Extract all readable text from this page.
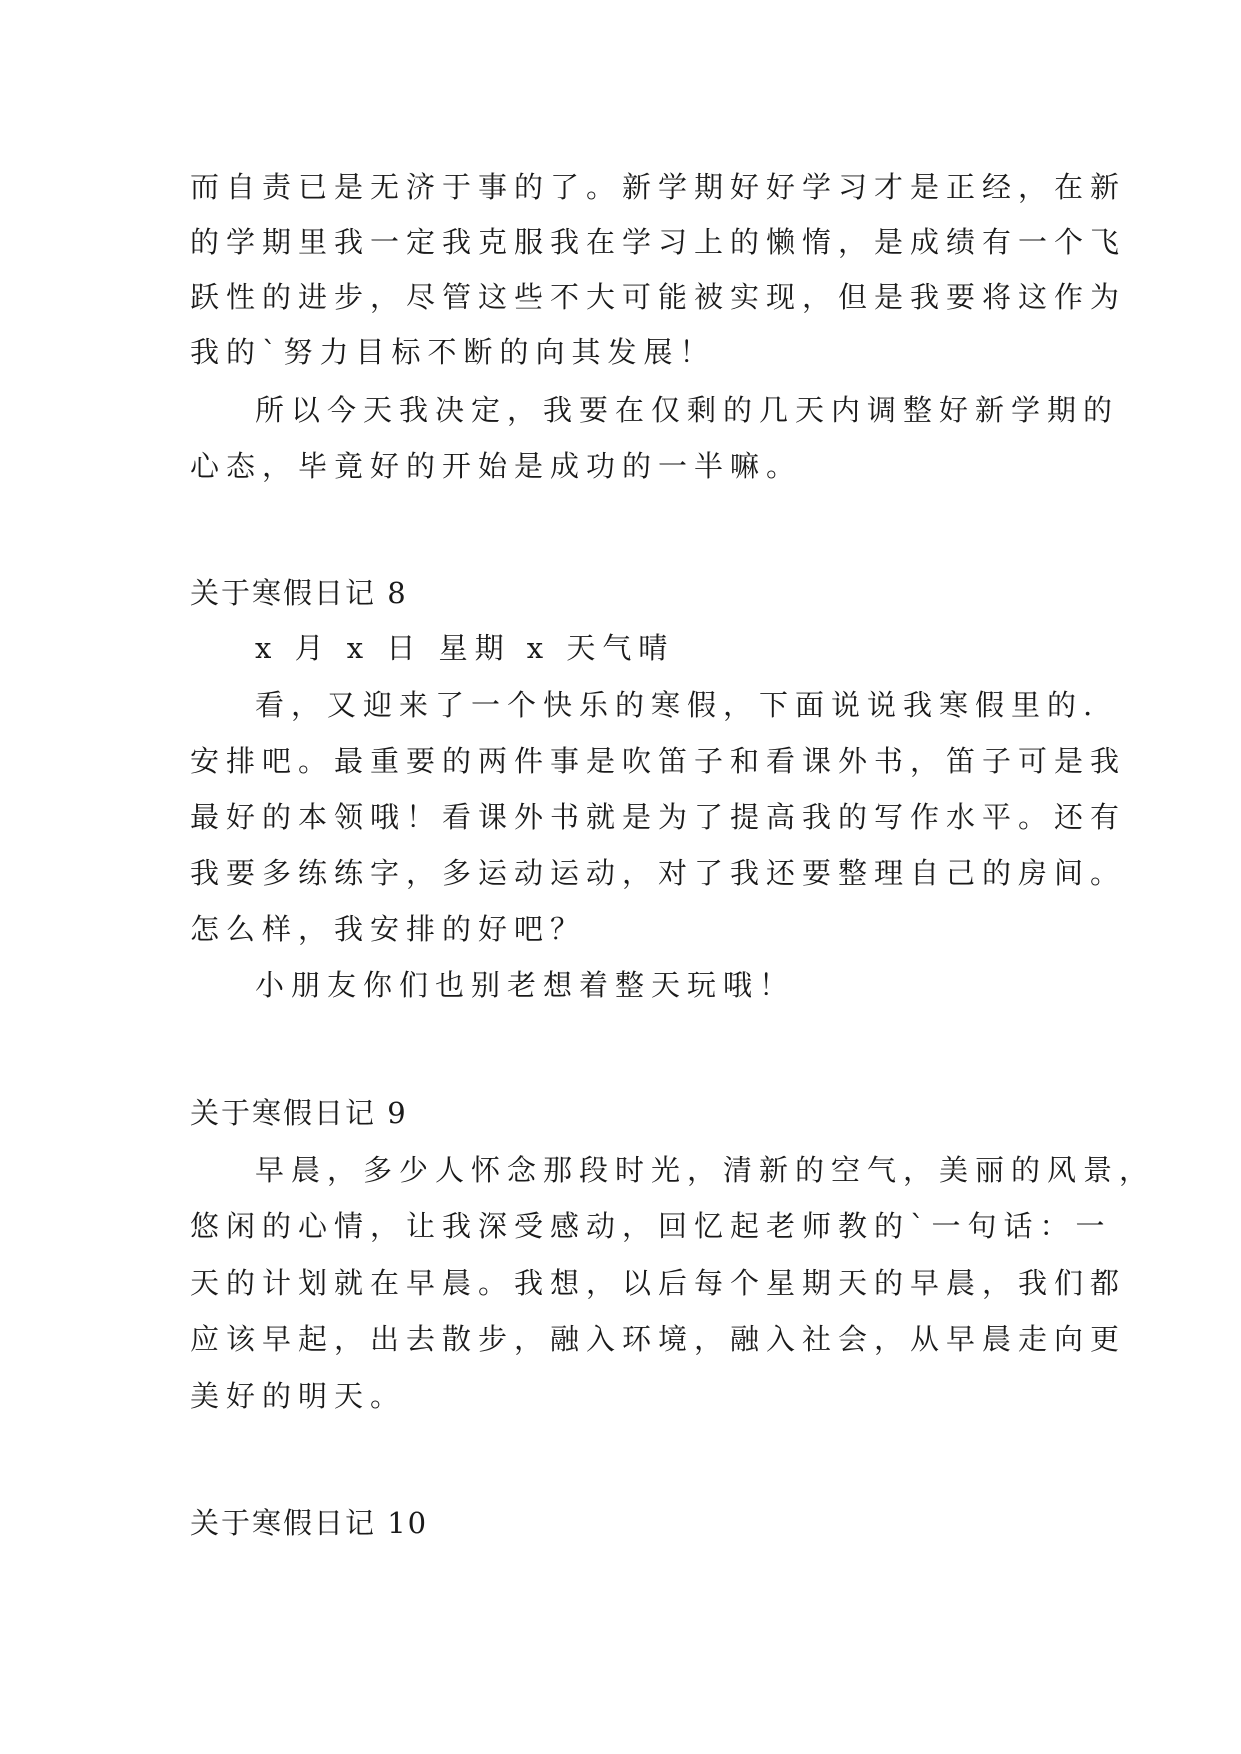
而自责已是无济于事的了。新学期好好学习才是正经，在新
的学期里我一定我克服我在学习上的懒惰，是成绩有一个飞
跃性的进步，尽管这些不大可能被实现，但是我要将这作为
我的`努力目标不断的向其发展！
所以今天我决定，我要在仅剩的几天内调整好新学期的
心态，毕竟好的开始是成功的一半嘛。
关于寒假日记 8
x 月 x 日 星期 x 天气晴
看，又迎来了一个快乐的寒假，下面说说我寒假里的.
安排吧。最重要的两件事是吹笛子和看课外书，笛子可是我
最好的本领哦！看课外书就是为了提高我的写作水平。还有
我要多练练字，多运动运动，对了我还要整理自己的房间。
怎么样，我安排的好吧？
小朋友你们也别老想着整天玩哦！
关于寒假日记 9
早晨，多少人怀念那段时光，清新的空气，美丽的风景，
悠闲的心情，让我深受感动，回忆起老师教的`一句话：一
天的计划就在早晨。我想，以后每个星期天的早晨，我们都
应该早起，出去散步，融入环境，融入社会，从早晨走向更
美好的明天。
关于寒假日记 10
